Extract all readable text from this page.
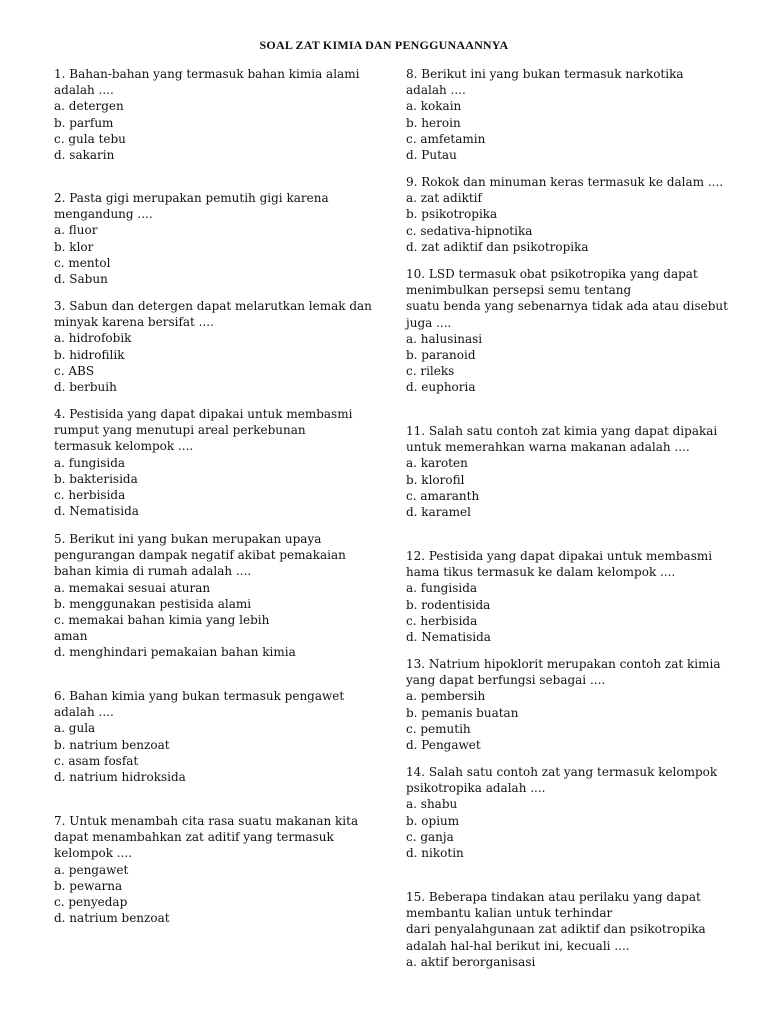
SOAL ZAT KIMIA DAN PENGGUNAANNYA
1. Bahan-bahan yang termasuk bahan kimia alami
adalah ....
a. detergen
b. parfum
c. gula tebu
d. sakarin
2. Pasta gigi merupakan pemutih gigi karena
mengandung ....
a. fluor
b. klor
c. mentol
d. Sabun
3. Sabun dan detergen dapat melarutkan lemak dan
minyak karena bersifat ....
a. hidrofobik
b. hidrofilik
c. ABS
d. berbuih
4. Pestisida yang dapat dipakai untuk membasmi
rumput yang menutupi areal perkebunan
termasuk kelompok ....
a. fungisida
b. bakterisida
c. herbisida
d. Nematisida
5. Berikut ini yang bukan merupakan upaya
pengurangan dampak negatif akibat pemakaian
bahan kimia di rumah adalah ....
a. memakai sesuai aturan
b. menggunakan pestisida alami
c. memakai bahan kimia yang lebih
aman
d. menghindari pemakaian bahan kimia
6. Bahan kimia yang bukan termasuk pengawet
adalah ....
a. gula
b. natrium benzoat
c. asam fosfat
d. natrium hidroksida
7. Untuk menambah cita rasa suatu makanan kita
dapat menambahkan zat aditif yang termasuk
kelompok ....
a. pengawet
b. pewarna
c. penyedap
d. natrium benzoat
8. Berikut ini yang bukan termasuk narkotika
adalah ....
a. kokain
b. heroin
c. amfetamin
d. Putau
9. Rokok dan minuman keras termasuk ke dalam ....
a. zat adiktif
b. psikotropika
c. sedativa-hipnotika
d. zat adiktif dan psikotropika
10. LSD termasuk obat psikotropika yang dapat
menimbulkan persepsi semu tentang
suatu benda yang sebenarnya tidak ada atau disebut
juga ....
a. halusinasi
b. paranoid
c. rileks
d. euphoria
11. Salah satu contoh zat kimia yang dapat dipakai
untuk memerahkan warna makanan adalah ....
a. karoten
b. klorofil
c. amaranth
d. karamel
12. Pestisida yang dapat dipakai untuk membasmi
hama tikus termasuk ke dalam kelompok ....
a. fungisida
b. rodentisida
c. herbisida
d. Nematisida
13. Natrium hipoklorit merupakan contoh zat kimia
yang dapat berfungsi sebagai ....
a. pembersih
b. pemanis buatan
c. pemutih
d. Pengawet
14. Salah satu contoh zat yang termasuk kelompok
psikotropika adalah ....
a. shabu
b. opium
c. ganja
d. nikotin
15. Beberapa tindakan atau perilaku yang dapat
membantu kalian untuk terhindar
dari penyalahgunaan zat adiktif dan psikotropika
adalah hal-hal berikut ini, kecuali ....
a. aktif berorganisasi
